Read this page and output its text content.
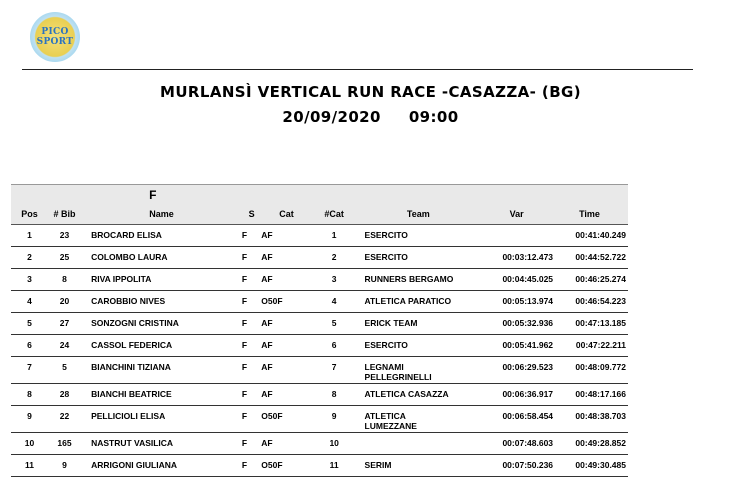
PICO
SPORT
MURLANSÌ VERTICAL RUN RACE -CASAZZA- (BG)
20/09/2020 09:00
		F						
Pos	# Bib	Name	S	Cat	#Cat	Team	Var	Time
1	23	BROCARD ELISA	F	AF	1	ESERCITO		00:41:40.249
2	25	COLOMBO LAURA	F	AF	2	ESERCITO	00:03:12.473	00:44:52.722
3	8	RIVA IPPOLITA	F	AF	3	RUNNERS BERGAMO	00:04:45.025	00:46:25.274
4	20	CAROBBIO NIVES	F	O50F	4	ATLETICA PARATICO	00:05:13.974	00:46:54.223
5	27	SONZOGNI CRISTINA	F	AF	5	ERICK TEAM	00:05:32.936	00:47:13.185
6	24	CASSOL FEDERICA	F	AF	6	ESERCITO	00:05:41.962	00:47:22.211
7	5	BIANCHINI TIZIANA	F	AF	7	LEGNAMI
PELLEGRINELLI	00:06:29.523	00:48:09.772
8	28	BIANCHI BEATRICE	F	AF	8	ATLETICA CASAZZA	00:06:36.917	00:48:17.166
9	22	PELLICIOLI ELISA	F	O50F	9	ATLETICA
LUMEZZANE	00:06:58.454	00:48:38.703
10	165	NASTRUT VASILICA	F	AF	10		00:07:48.603	00:49:28.852
11	9	ARRIGONI GIULIANA	F	O50F	11	SERIM	00:07:50.236	00:49:30.485
